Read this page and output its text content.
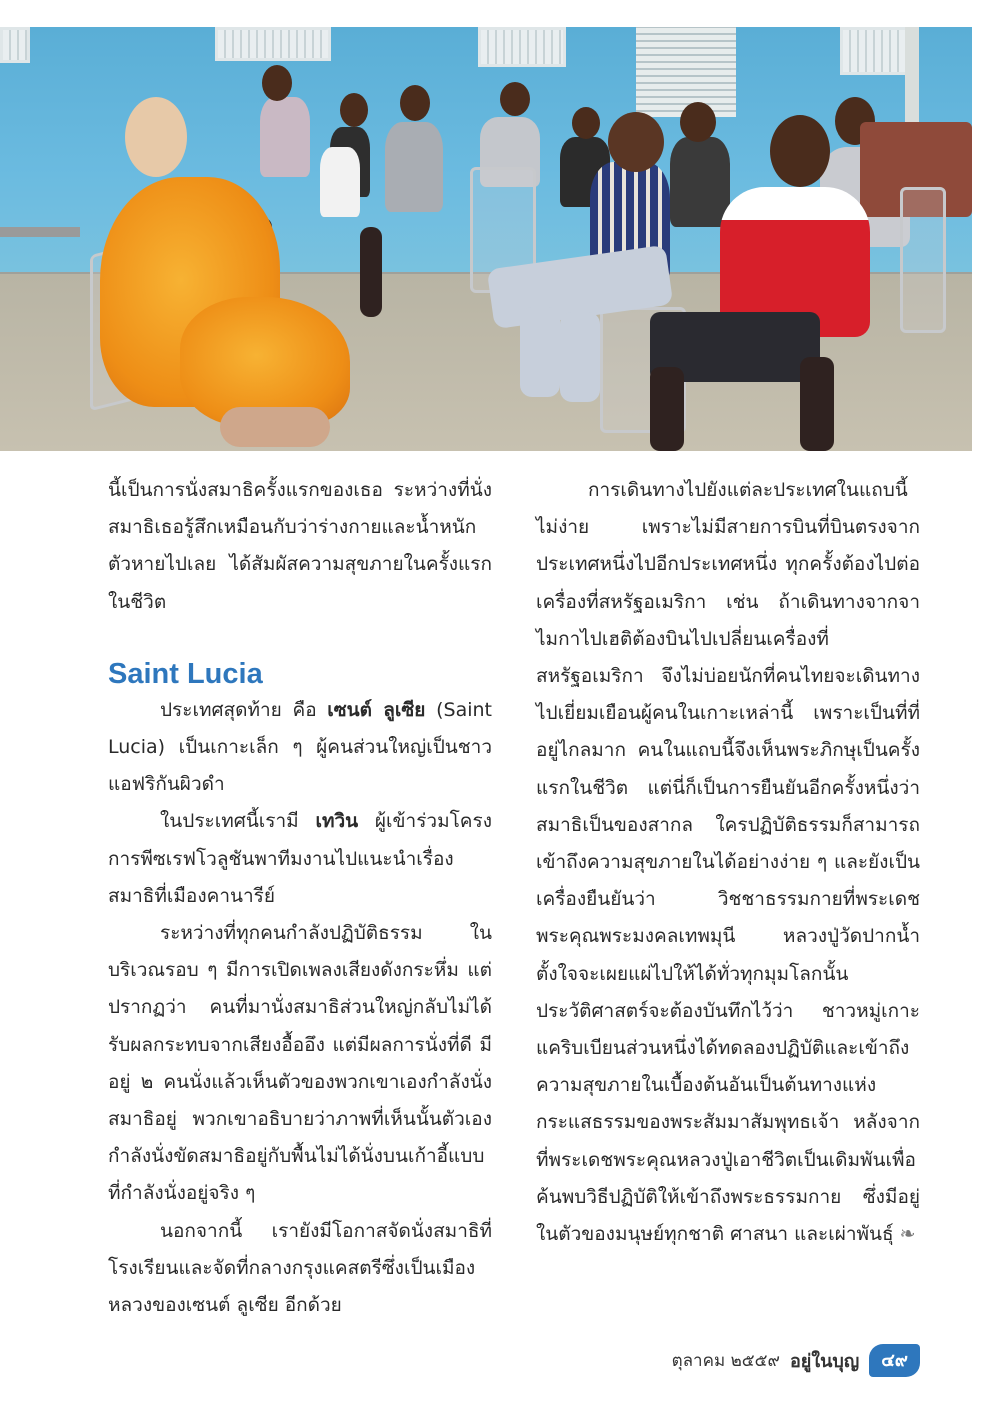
นี้เป็นการนั่งสมาธิครั้งแรกของเธอ ระหว่างที่นั่งสมาธิเธอรู้สึกเหมือนกับว่าร่างกายและน้ำหนักตัวหายไปเลย ได้สัมผัสความสุขภายในครั้งแรกในชีวิต

Saint Lucia

ประเทศสุดท้าย คือ เซนต์ ลูเซีย (Saint Lucia) เป็นเกาะเล็ก ๆ ผู้คนส่วนใหญ่เป็นชาวแอฟริกันผิวดำ

ในประเทศนี้เรามี เทวิน ผู้เข้าร่วมโครงการพีซเรฟโวลูชันพาทีมงานไปแนะนำเรื่องสมาธิที่เมืองคานารีย์

ระหว่างที่ทุกคนกำลังปฏิบัติธรรม ในบริเวณรอบ ๆ มีการเปิดเพลงเสียงดังกระหึ่ม แต่ปรากฏว่า คนที่มานั่งสมาธิส่วนใหญ่กลับไม่ได้รับผลกระทบจากเสียงอื้ออึง แต่มีผลการนั่งที่ดี มีอยู่ ๒ คนนั่งแล้วเห็นตัวของพวกเขาเองกำลังนั่งสมาธิอยู่ พวกเขาอธิบายว่าภาพที่เห็นนั้นตัวเองกำลังนั่งขัดสมาธิอยู่กับพื้นไม่ได้นั่งบนเก้าอี้แบบที่กำลังนั่งอยู่จริง ๆ

นอกจากนี้ เรายังมีโอกาสจัดนั่งสมาธิที่โรงเรียนและจัดที่กลางกรุงแคสตรีซึ่งเป็นเมืองหลวงของเซนต์ ลูเซีย อีกด้วย

การเดินทางไปยังแต่ละประเทศในแถบนี้ไม่ง่าย เพราะไม่มีสายการบินที่บินตรงจากประเทศหนึ่งไปอีกประเทศหนึ่ง ทุกครั้งต้องไปต่อเครื่องที่สหรัฐอเมริกา เช่น ถ้าเดินทางจากจาไมกาไปเฮติต้องบินไปเปลี่ยนเครื่องที่สหรัฐอเมริกา จึงไม่บ่อยนักที่คนไทยจะเดินทางไปเยี่ยมเยือนผู้คนในเกาะเหล่านี้ เพราะเป็นที่ที่อยู่ไกลมาก คนในแถบนี้จึงเห็นพระภิกษุเป็นครั้งแรกในชีวิต แต่นี่ก็เป็นการยืนยันอีกครั้งหนึ่งว่า สมาธิเป็นของสากล ใครปฏิบัติธรรมก็สามารถเข้าถึงความสุขภายในได้อย่างง่าย ๆ และยังเป็นเครื่องยืนยันว่า วิชชาธรรมกายที่พระเดชพระคุณพระมงคลเทพมุนี หลวงปู่วัดปากน้ำ ตั้งใจจะเผยแผ่ไปให้ได้ทั่วทุกมุมโลกนั้น ประวัติศาสตร์จะต้องบันทึกไว้ว่า ชาวหมู่เกาะแคริบเบียนส่วนหนึ่งได้ทดลองปฏิบัติและเข้าถึงความสุขภายในเบื้องต้นอันเป็นต้นทางแห่งกระแสธรรมของพระสัมมาสัมพุทธเจ้า หลังจากที่พระเดชพระคุณหลวงปู่เอาชีวิตเป็นเดิมพันเพื่อค้นพบวิธีปฏิบัติให้เข้าถึงพระธรรมกาย ซึ่งมีอยู่ในตัวของมนุษย์ทุกชาติ ศาสนา และเผ่าพันธุ์ ❧

ตุลาคม ๒๕๕๙ อยู่ในบุญ	๔๙
